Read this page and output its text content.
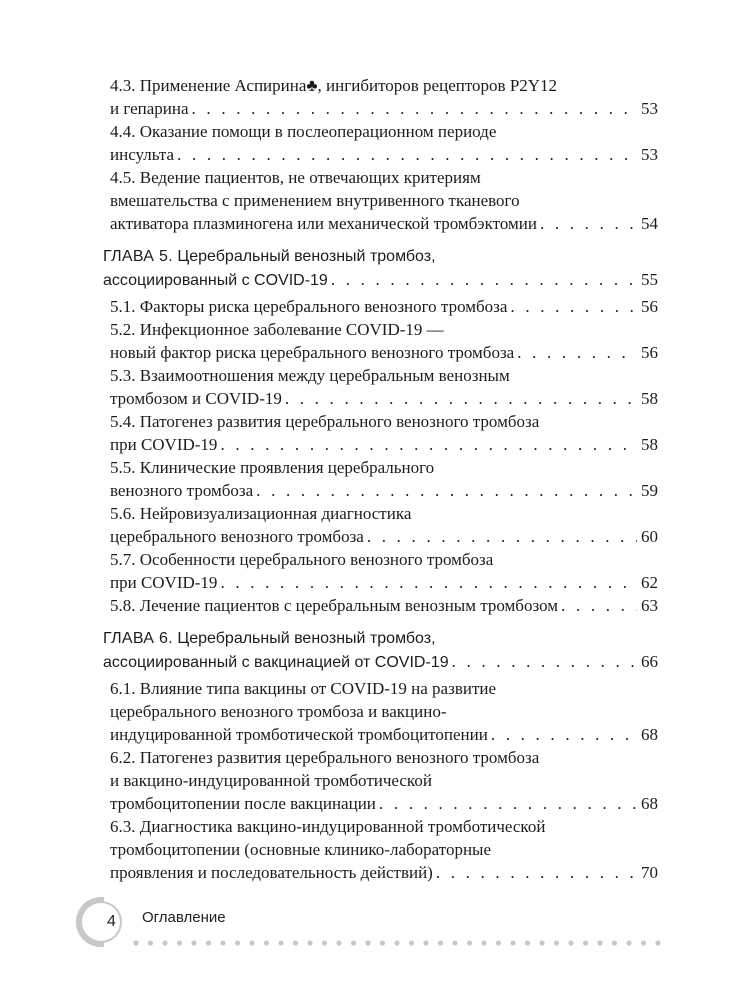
4.3. Применение Аспирина♣, ингибиторов рецепторов P2Y12
и гепарина . . .	53
4.4. Оказание помощи в послеоперационном периоде
инсульта . . .	53
4.5. Ведение пациентов, не отвечающих критериям
вмешательства с применением внутривенного тканевого
активатора плазминогена или механической тромбэктомии . . .	54
ГЛАВА 5. Церебральный венозный тромбоз,
ассоциированный с COVID-19 . . .	55
5.1. Факторы риска церебрального венозного тромбоза . . .	56
5.2. Инфекционное заболевание COVID-19 —
новый фактор риска церебрального венозного тромбоза . . .	56
5.3. Взаимоотношения между церебральным венозным
тромбозом и COVID-19 . . .	58
5.4. Патогенез развития церебрального венозного тромбоза
при COVID-19 . . .	58
5.5. Клинические проявления церебрального
венозного тромбоза . . .	59
5.6. Нейровизуализационная диагностика
церебрального венозного тромбоза . . .	60
5.7. Особенности церебрального венозного тромбоза
при COVID-19 . . .	62
5.8. Лечение пациентов с церебральным венозным тромбозом . . .	63
ГЛАВА 6. Церебральный венозный тромбоз,
ассоциированный с вакцинацией от COVID-19 . . .	66
6.1. Влияние типа вакцины от COVID-19 на развитие
церебрального венозного тромбоза и вакцино-
индуцированной тромботической тромбоцитопении . . .	68
6.2. Патогенез развития церебрального венозного тромбоза
и вакцино-индуцированной тромботической
тромбоцитопении после вакцинации . . .	68
6.3. Диагностика вакцино-индуцированной тромботической
тромбоцитопении (основные клинико-лабораторные
проявления и последовательность действий) . . .	70
4 Оглавление
